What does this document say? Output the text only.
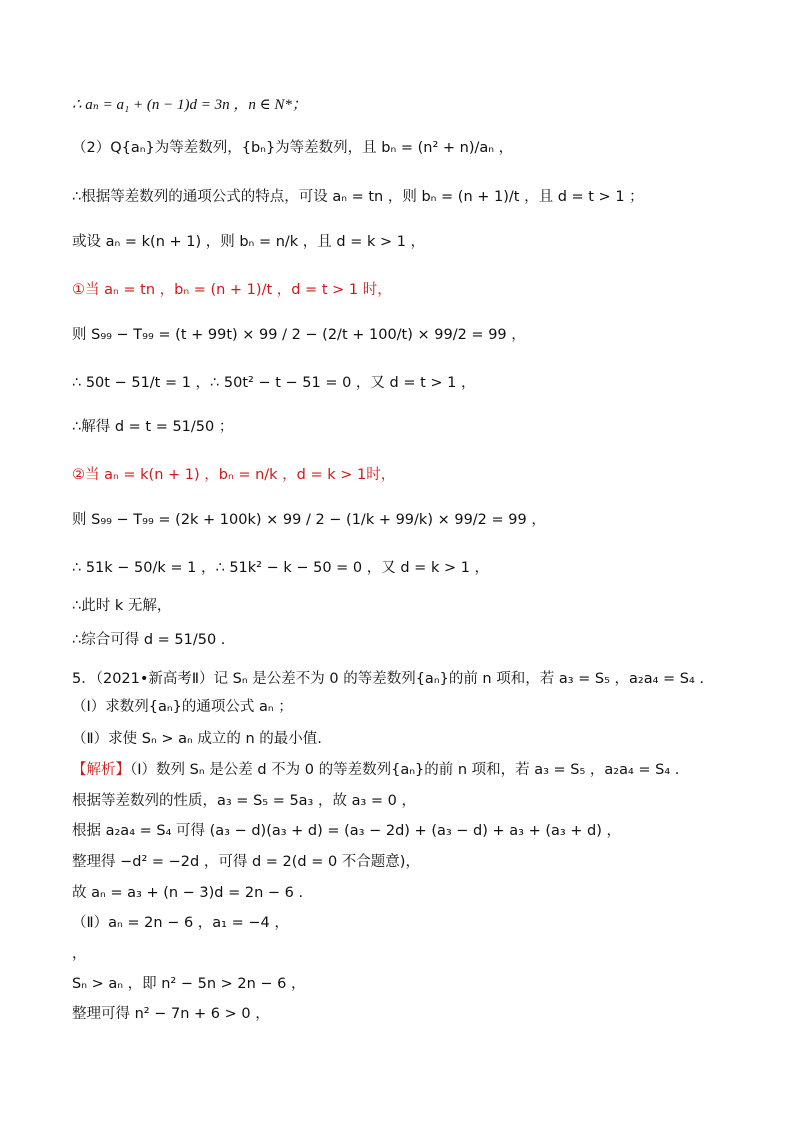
∴ aₙ = a₁ + (n − 1)d = 3n ，n ∈ N*；
（2）Q{aₙ}为等差数列，{bₙ}为等差数列，且 bₙ = (n² + n)/aₙ ，
∴根据等差数列的通项公式的特点，可设 aₙ = tn ，则 bₙ = (n + 1)/t ，且 d = t > 1 ；
或设 aₙ = k(n + 1) ，则 bₙ = n/k ，且 d = k > 1 ，
①当 aₙ = tn ，bₙ = (n + 1)/t ，d = t > 1 时，
则 S₉₉ − T₉₉ = (t + 99t) × 99 / 2 − (2/t + 100/t) × 99/2 = 99 ，
∴ 50t − 51/t = 1 ，∴ 50t² − t − 51 = 0 ，又 d = t > 1 ，
∴解得 d = t = 51/50 ；
②当 aₙ = k(n + 1) ，bₙ = n/k ，d = k > 1时，
则 S₉₉ − T₉₉ = (2k + 100k) × 99 / 2 − (1/k + 99/k) × 99/2 = 99 ，
∴ 51k − 50/k = 1 ，∴ 51k² − k − 50 = 0 ，又 d = k > 1 ，
∴此时 k 无解，
∴综合可得 d = 51/50 .
5．（2021•新高考Ⅱ）记 Sₙ 是公差不为 0 的等差数列{aₙ}的前 n 项和，若 a₃ = S₅ ，a₂a₄ = S₄ .
（Ⅰ）求数列{aₙ}的通项公式 aₙ ；
（Ⅱ）求使 Sₙ > aₙ 成立的 n 的最小值.
【解析】（Ⅰ）数列 Sₙ 是公差 d 不为 0 的等差数列{aₙ}的前 n 项和，若 a₃ = S₅ ，a₂a₄ = S₄ .
根据等差数列的性质，a₃ = S₅ = 5a₃ ，故 a₃ = 0 ，
根据 a₂a₄ = S₄ 可得 (a₃ − d)(a₃ + d) = (a₃ − 2d) + (a₃ − d) + a₃ + (a₃ + d) ，
整理得 −d² = −2d ，可得 d = 2(d = 0 不合题意)，
故 aₙ = a₃ + (n − 3)d = 2n − 6 .
（Ⅱ）aₙ = 2n − 6 ，a₁ = −4 ，
，
Sₙ > aₙ ，即 n² − 5n > 2n − 6 ，
整理可得 n² − 7n + 6 > 0 ，
